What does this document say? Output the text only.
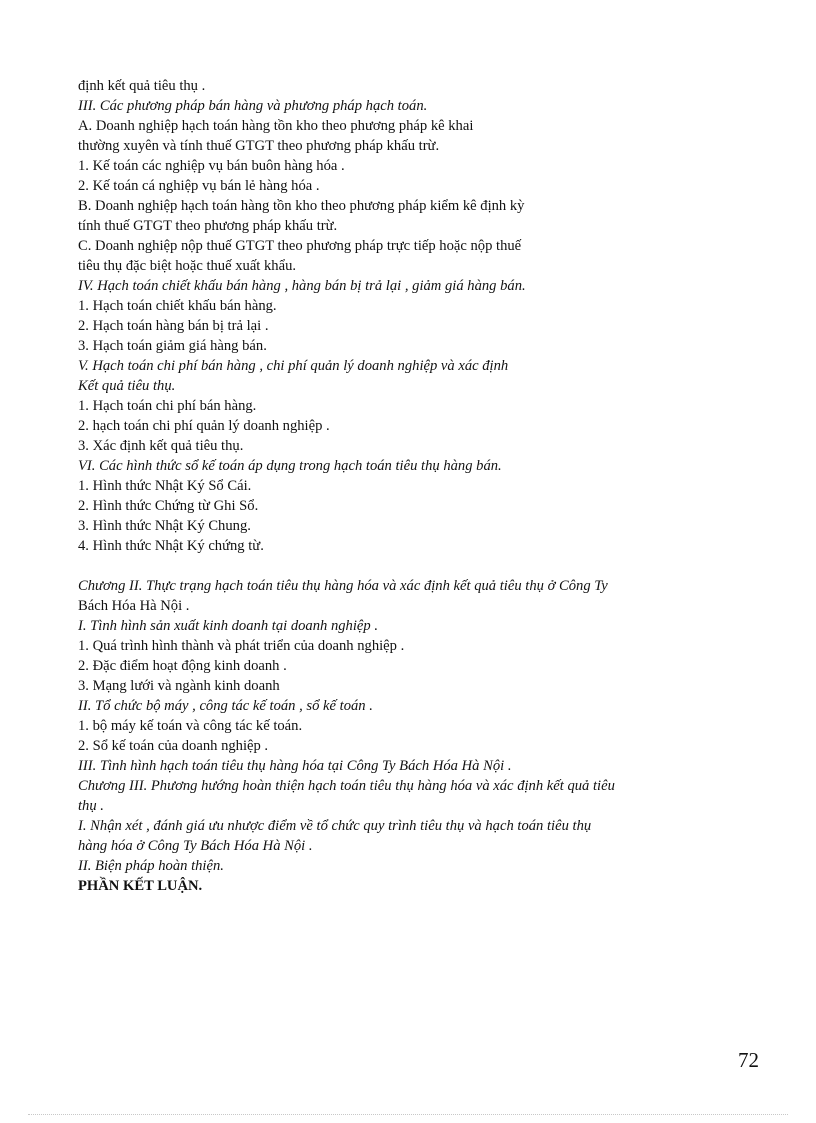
định kết quả tiêu thụ .

III. Các phương pháp bán hàng và phương pháp hạch toán.

A. Doanh nghiệp hạch toán hàng tồn kho theo phương pháp kê khai

thường xuyên và tính thuế GTGT theo phương pháp khấu trừ.

1. Kế toán các nghiệp vụ bán buôn hàng hóa .

2. Kế toán cá nghiệp vụ bán lẻ hàng hóa .

B. Doanh nghiệp hạch toán hàng tồn kho theo phương pháp kiểm kê định kỳ

tính thuế GTGT theo phương pháp khấu trừ.

C. Doanh nghiệp nộp thuế GTGT theo phương pháp trực tiếp hoặc nộp thuế

tiêu thụ đặc biệt hoặc thuế xuất khẩu.

IV. Hạch toán chiết khấu bán hàng , hàng bán bị trả lại , giảm giá hàng bán.

1. Hạch toán chiết khấu bán hàng.

2. Hạch toán hàng bán bị trả lại .

3. Hạch toán giảm giá hàng bán.

V. Hạch toán chi phí bán hàng , chi phí quản lý doanh nghiệp và xác định

Kết quả tiêu thụ.

1. Hạch toán chi phí bán hàng.

2. hạch toán chi phí quản lý doanh nghiệp .

3. Xác định kết quả tiêu thụ.

VI. Các hình thức sổ kế toán áp dụng trong hạch toán tiêu thụ hàng bán.

1. Hình thức Nhật Ký Sổ Cái.

2. Hình thức Chứng từ Ghi Sổ.

3. Hình thức Nhật Ký Chung.

4. Hình thức Nhật Ký chứng từ.

Chương II. Thực trạng hạch toán tiêu thụ hàng hóa và xác định kết quả tiêu thụ ở Công Ty

Bách Hóa Hà Nội .

I. Tình hình sản xuất kinh doanh tại doanh nghiệp .

1. Quá trình hình thành và phát triển của doanh nghiệp .

2. Đặc điểm hoạt động kinh doanh .

3. Mạng lưới và ngành kinh doanh

II. Tổ chức bộ máy , công tác kế toán , sổ kế toán .

1. bộ máy kế toán và công tác kế toán.

2. Sổ kế toán của doanh nghiệp .

III. Tình hình hạch toán tiêu thụ hàng hóa tại Công Ty Bách Hóa Hà Nội .

Chương III. Phương hướng hoàn thiện hạch toán tiêu thụ hàng hóa và xác định kết quả tiêu

thụ .

I. Nhận xét , đánh giá ưu nhược điểm về tổ chức quy trình tiêu thụ và hạch toán tiêu thụ

hàng hóa ở Công Ty Bách Hóa Hà Nội .

II. Biện pháp hoàn thiện.

PHẦN KẾT LUẬN.

72
